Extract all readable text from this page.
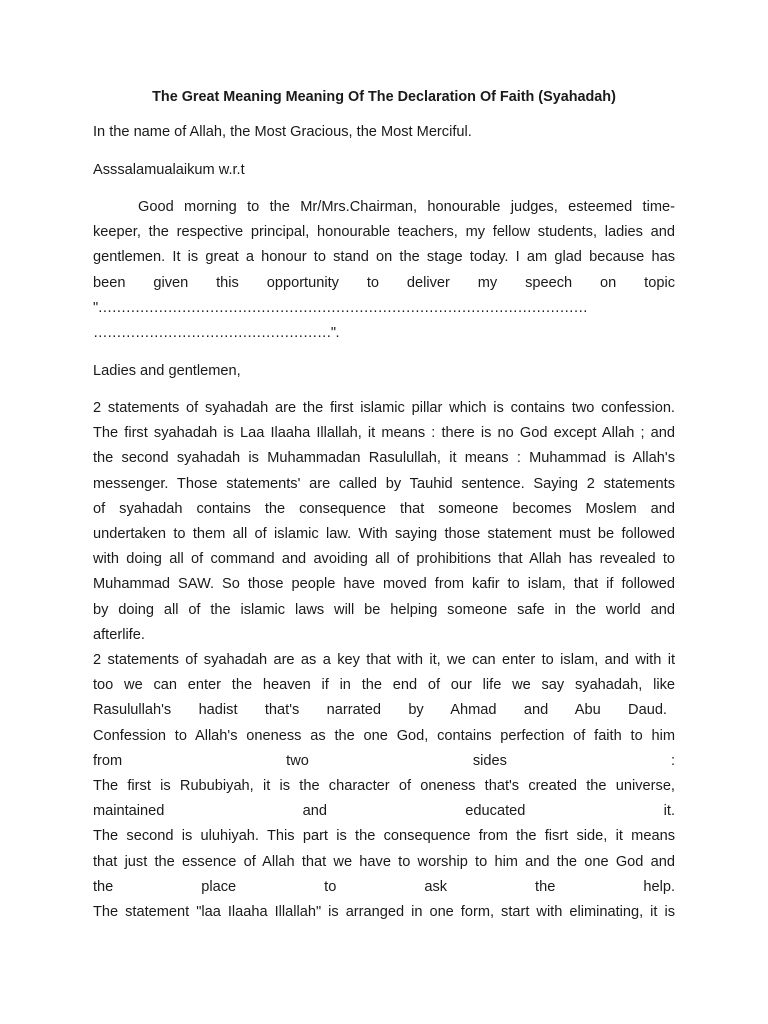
The Great Meaning Meaning Of The Declaration Of Faith (Syahadah)

In the name of Allah, the Most Gracious, the Most Merciful.

Asssalamualaikum w.r.t

Good morning to the Mr/Mrs.Chairman, honourable judges, esteemed time-
keeper, the respective principal, honourable teachers, my fellow students, ladies and
gentlemen. It is great a honour to stand on the stage today. I am glad because has
been given this opportunity to deliver my speech on topic
"……………………………………………………………………………………………
……………………………………………".

Ladies and gentlemen,

2 statements of syahadah are the first islamic pillar which is contains two confession.
The first syahadah is Laa Ilaaha Illallah, it means : there is no God except Allah ; and
the second syahadah is Muhammadan Rasulullah, it means : Muhammad is Allah's
messenger. Those statements' are called by Tauhid sentence. Saying 2 statements
of syahadah contains the consequence that someone becomes Moslem and
undertaken to them all of islamic law. With saying those statement must be followed
with doing all of command and avoiding all of prohibitions that Allah has revealed to
Muhammad SAW. So those people have moved from kafir to islam, that if followed
by doing all of the islamic laws will be helping someone safe in the world and
afterlife.
2 statements of syahadah are as a key that with it, we can enter to islam, and with it
too we can enter the heaven if in the end of our life we say syahadah, like
Rasulullah's hadist that's narrated by Ahmad and Abu Daud.
Confession to Allah's oneness as the one God, contains perfection of faith to him
from two sides :
The first is Rububiyah, it is the character of oneness that's created the universe,
maintained and educated it.
The second is uluhiyah. This part is the consequence from the fisrt side, it means
that just the essence of Allah that we have to worship to him and the one God and
the place to ask the help.
The statement "laa Ilaaha Illallah" is arranged in one form, start with eliminating, it is
